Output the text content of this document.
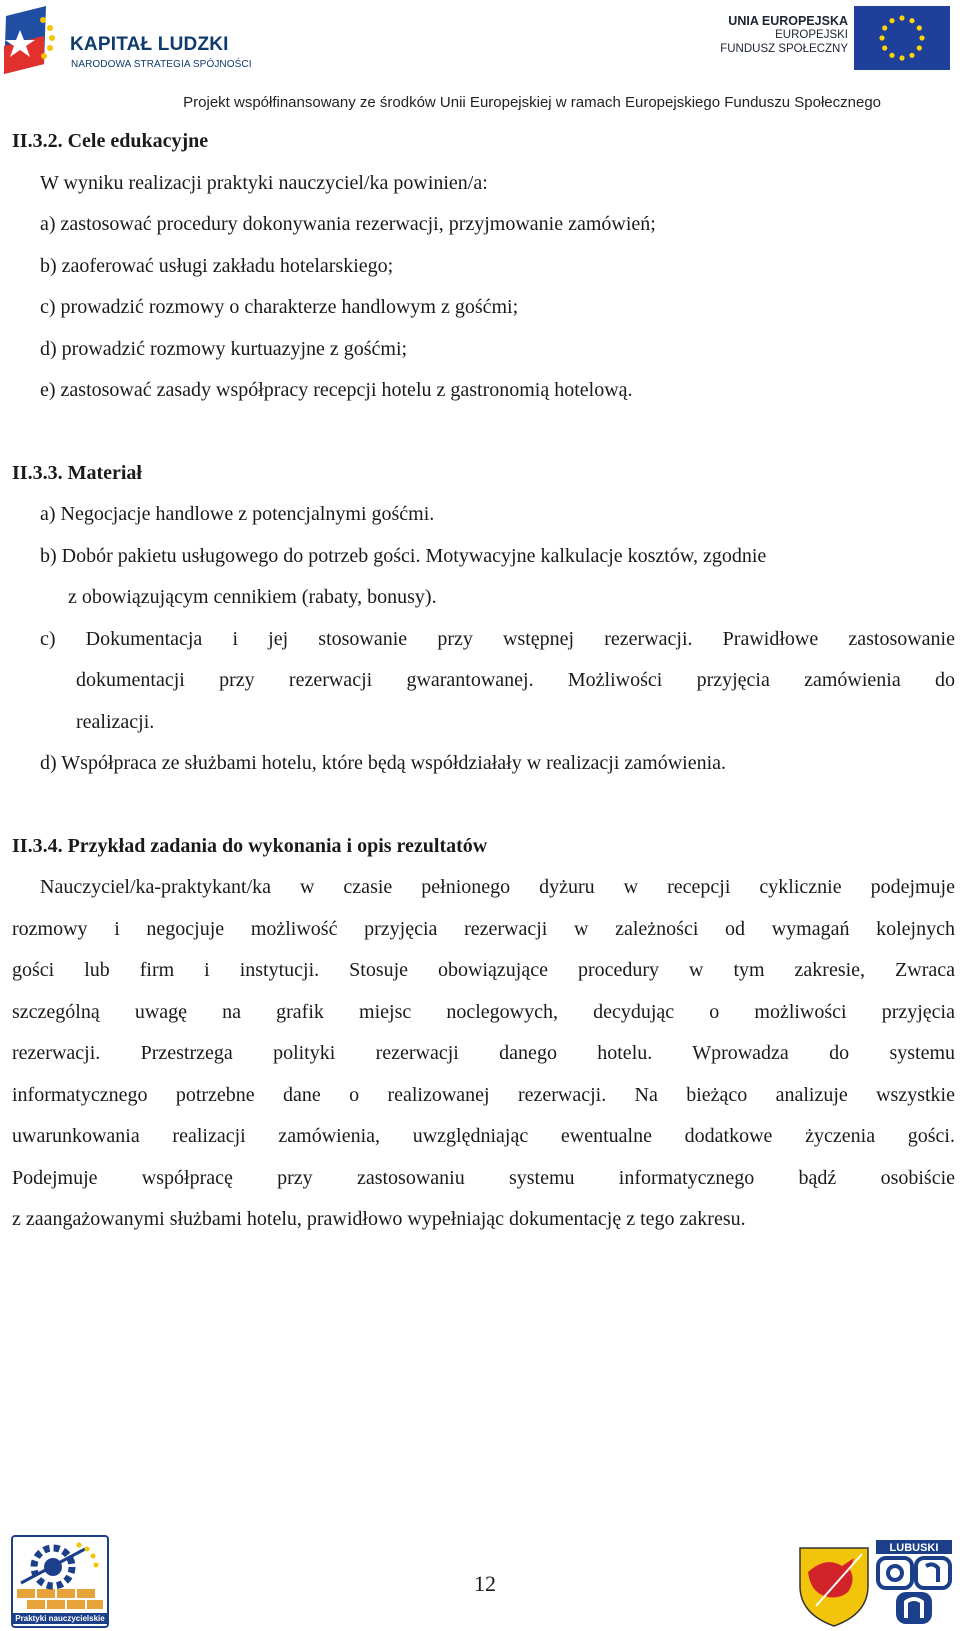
KAPITAŁ LUDZKI
NARODOWA STRATEGIA SPÓJNOŚCI
UNIA EUROPEJSKA
EUROPEJSKI
FUNDUSZ SPOŁECZNY
Projekt współfinansowany ze środków Unii Europejskiej w ramach Europejskiego Funduszu Społecznego
II.3.2. Cele edukacyjne
W wyniku realizacji praktyki nauczyciel/ka powinien/a:
a) zastosować procedury dokonywania rezerwacji, przyjmowanie zamówień;
b) zaoferować usługi zakładu hotelarskiego;
c) prowadzić rozmowy o charakterze handlowym z gośćmi;
d) prowadzić rozmowy kurtuazyjne z gośćmi;
e) zastosować zasady współpracy recepcji hotelu z gastronomią hotelową.
II.3.3. Materiał
a) Negocjacje handlowe z potencjalnymi gośćmi.
b) Dobór pakietu usługowego do potrzeb gości. Motywacyjne kalkulacje kosztów, zgodnie
z obowiązującym cennikiem (rabaty, bonusy).
c) Dokumentacja i jej stosowanie przy wstępnej rezerwacji. Prawidłowe zastosowanie
dokumentacji przy rezerwacji gwarantowanej. Możliwości przyjęcia zamówienia do
realizacji.
d) Współpraca ze służbami hotelu, które będą współdziałały w realizacji zamówienia.
II.3.4. Przykład zadania do wykonania i opis rezultatów
Nauczyciel/ka-praktykant/ka w czasie pełnionego dyżuru w recepcji cyklicznie podejmuje
rozmowy i negocjuje możliwość przyjęcia rezerwacji w zależności od wymagań kolejnych
gości lub firm i instytucji. Stosuje obowiązujące procedury w tym zakresie, Zwraca
szczególną uwagę na grafik miejsc noclegowych, decydując o możliwości przyjęcia
rezerwacji. Przestrzega polityki rezerwacji danego hotelu. Wprowadza do systemu
informatycznego potrzebne dane o realizowanej rezerwacji. Na bieżąco analizuje wszystkie
uwarunkowania realizacji zamówienia, uwzględniając ewentualne dodatkowe życzenia gości.
Podejmuje współpracę przy zastosowaniu systemu informatycznego bądź osobiście
z zaangażowanymi służbami hotelu, prawidłowo wypełniając dokumentację z tego zakresu.
Praktyki nauczycielskie
12
LUBUSKI
